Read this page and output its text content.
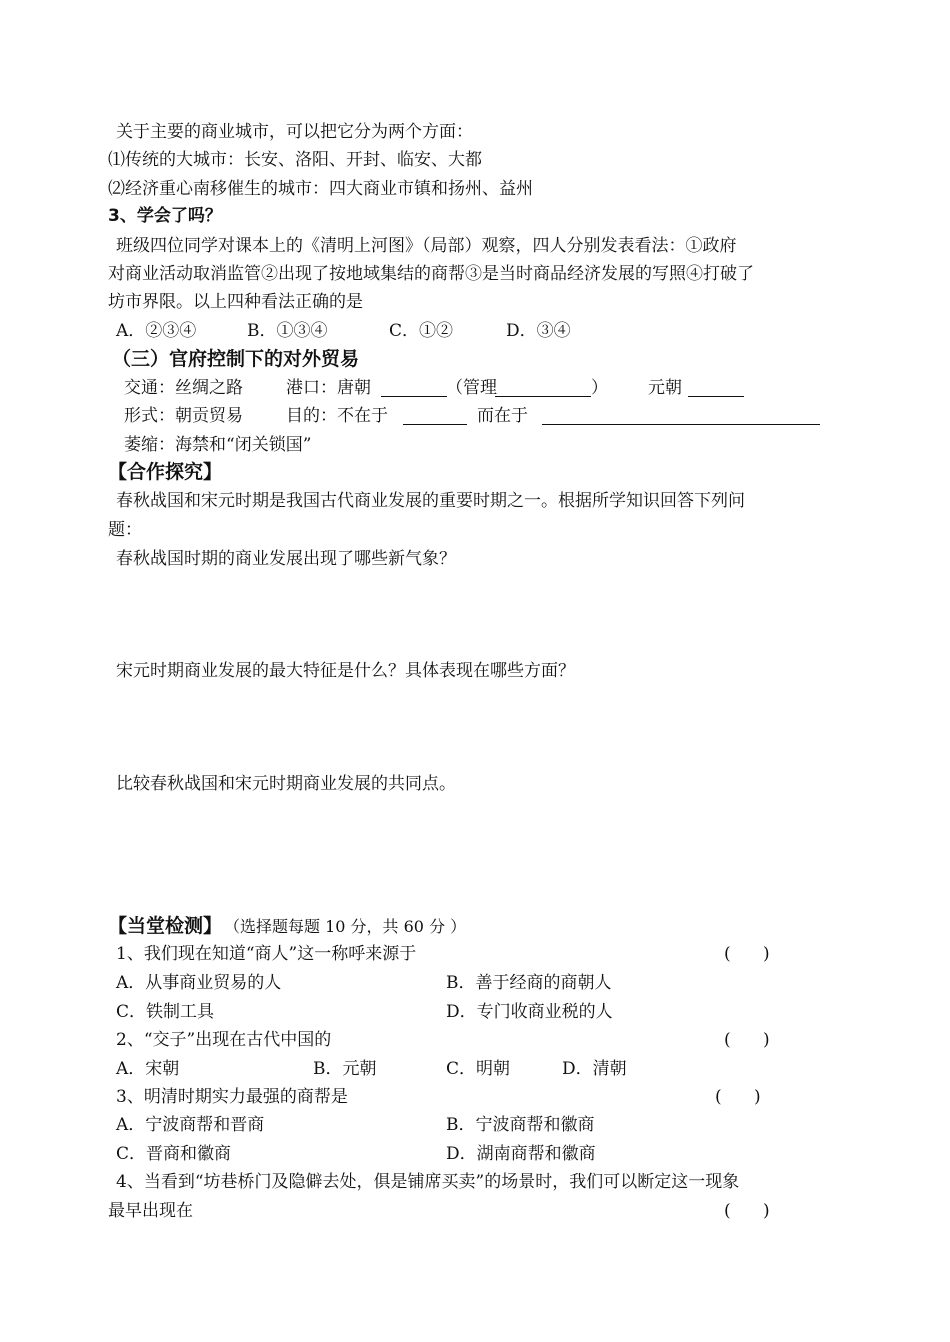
关于主要的商业城市，可以把它分为两个方面：
⑴传统的大城市：长安、洛阳、开封、临安、大都
⑵经济重心南移催生的城市：四大商业市镇和扬州、益州
3、学会了吗？
班级四位同学对课本上的《清明上河图》（局部）观察，四人分别发表看法：①政府
对商业活动取消监管②出现了按地域集结的商帮③是当时商品经济发展的写照④打破了
坊市界限。以上四种看法正确的是
A．②③④	B．①③④	C．①②	D．③④
（三）官府控制下的对外贸易
交通：丝绸之路	港口：唐朝	（管理	） 元朝
形式：朝贡贸易	目的：不在于	而在于
萎缩：海禁和“闭关锁国”
【合作探究】
春秋战国和宋元时期是我国古代商业发展的重要时期之一。根据所学知识回答下列问
题：
春秋战国时期的商业发展出现了哪些新气象？
宋元时期商业发展的最大特征是什么？具体表现在哪些方面？
比较春秋战国和宋元时期商业发展的共同点。
【当堂检测】 （选择题每题 10 分，共 60 分 ）
1、我们现在知道“商人”这一称呼来源于	(      )
A．从事商业贸易的人	B．善于经商的商朝人
C．铁制工具	D．专门收商业税的人
2、“交子”出现在古代中国的	(      )
A．宋朝	B．元朝	C．明朝	D．清朝
3、明清时期实力最强的商帮是	(      )
A．宁波商帮和晋商	B．宁波商帮和徽商
C．晋商和徽商	D．湖南商帮和徽商
4、当看到“坊巷桥门及隐僻去处，俱是铺席买卖”的场景时，我们可以断定这一现象
最早出现在	(      )
